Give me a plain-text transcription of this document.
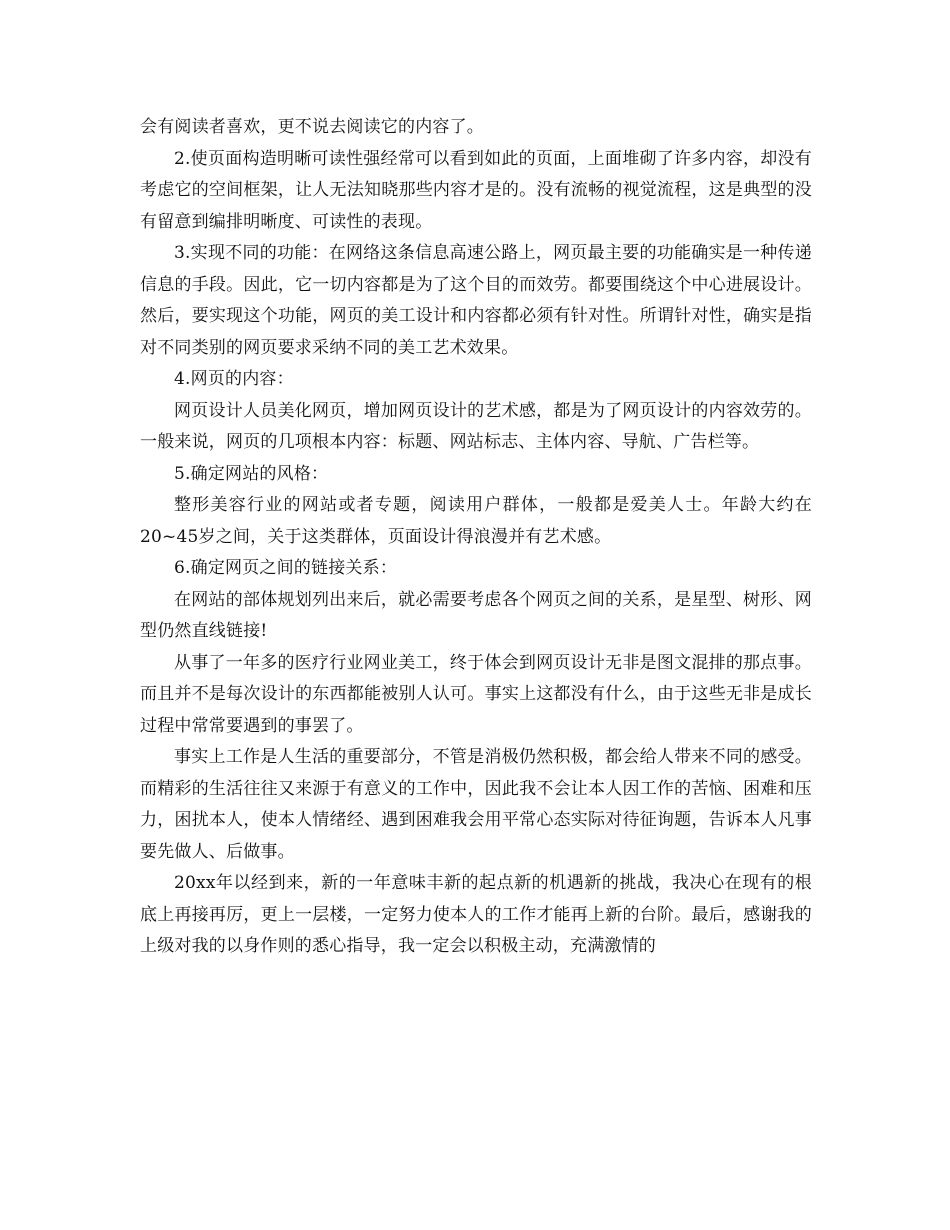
会有阅读者喜欢，更不说去阅读它的内容了。

2.使页面构造明晰可读性强经常可以看到如此的页面，上面堆砌了许多内容，却没有考虑它的空间框架，让人无法知晓那些内容才是的。没有流畅的视觉流程，这是典型的没有留意到编排明晰度、可读性的表现。

3.实现不同的功能：在网络这条信息高速公路上，网页最主要的功能确实是一种传递信息的手段。因此，它一切内容都是为了这个目的而效劳。都要围绕这个中心进展设计。然后，要实现这个功能，网页的美工设计和内容都必须有针对性。所谓针对性，确实是指对不同类别的网页要求采纳不同的美工艺术效果。

4.网页的内容：

网页设计人员美化网页，增加网页设计的艺术感，都是为了网页设计的内容效劳的。一般来说，网页的几项根本内容：标题、网站标志、主体内容、导航、广告栏等。

5.确定网站的风格：

整形美容行业的网站或者专题，阅读用户群体，一般都是爱美人士。年龄大约在20~45岁之间，关于这类群体，页面设计得浪漫并有艺术感。

6.确定网页之间的链接关系：

在网站的部体规划列出来后，就必需要考虑各个网页之间的关系，是星型、树形、网型仍然直线链接!

从事了一年多的医疗行业网业美工，终于体会到网页设计无非是图文混排的那点事。而且并不是每次设计的东西都能被别人认可。事实上这都没有什么，由于这些无非是成长过程中常常要遇到的事罢了。

事实上工作是人生活的重要部分，不管是消极仍然积极，都会给人带来不同的感受。而精彩的生活往往又来源于有意义的工作中，因此我不会让本人因工作的苦恼、困难和压力，困扰本人，使本人情绪经、遇到困难我会用平常心态实际对待征询题，告诉本人凡事要先做人、后做事。

20xx年以经到来，新的一年意味丰新的起点新的机遇新的挑战，我决心在现有的根底上再接再厉，更上一层楼，一定努力使本人的工作才能再上新的台阶。最后，感谢我的上级对我的以身作则的悉心指导，我一定会以积极主动，充满激情的
